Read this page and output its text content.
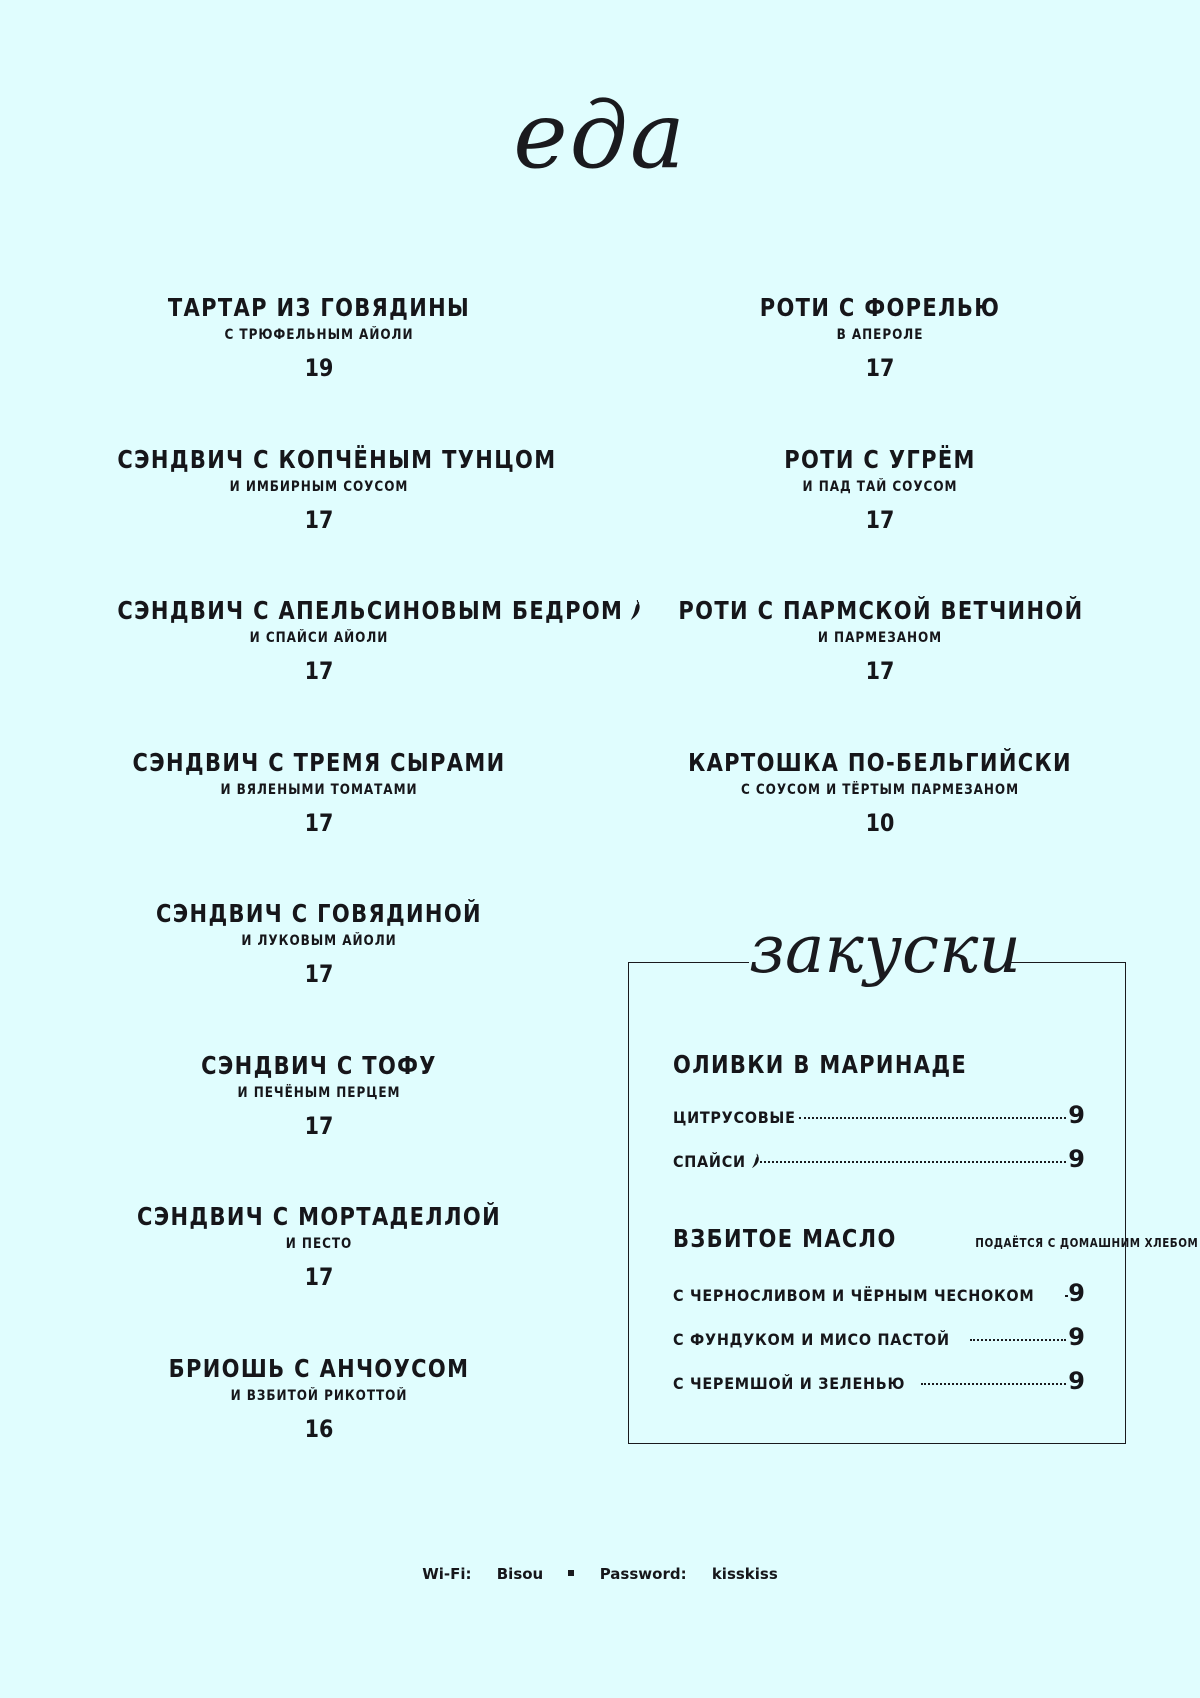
еда
ТАРТАР ИЗ ГОВЯДИНЫ
С ТРЮФЕЛЬНЫМ АЙОЛИ
19
СЭНДВИЧ С КОПЧЁНЫМ ТУНЦОМ
И ИМБИРНЫМ СОУСОМ
17
СЭНДВИЧ С АПЕЛЬСИНОВЫМ БЕДРОМ
И СПАЙСИ АЙОЛИ
17
СЭНДВИЧ С ТРЕМЯ СЫРАМИ
И ВЯЛЕНЫМИ ТОМАТАМИ
17
СЭНДВИЧ С ГОВЯДИНОЙ
И ЛУКОВЫМ АЙОЛИ
17
СЭНДВИЧ С ТОФУ
И ПЕЧЁНЫМ ПЕРЦЕМ
17
СЭНДВИЧ С МОРТАДЕЛЛОЙ
И ПЕСТО
17
БРИОШЬ С АНЧОУСОМ
И ВЗБИТОЙ РИКОТТОЙ
16
РОТИ С ФОРЕЛЬЮ
В АПЕРОЛЕ
17
РОТИ С УГРЁМ
И ПАД ТАЙ СОУСОМ
17
РОТИ С ПАРМСКОЙ ВЕТЧИНОЙ
И ПАРМЕЗАНОМ
17
КАРТОШКА ПО-БЕЛЬГИЙСКИ
С СОУСОМ И ТЁРТЫМ ПАРМЕЗАНОМ
10
закуски
ОЛИВКИ В МАРИНАДЕ
ЦИТРУСОВЫЕ	9
СПАЙСИ	9
ВЗБИТОЕ МАСЛО	ПОДАЁТСЯ С ДОМАШНИМ ХЛЕБОМ
С ЧЕРНОСЛИВОМ И ЧЁРНЫМ ЧЕСНОКОМ 9
С ФУНДУКОМ И МИСО ПАСТОЙ	9
С ЧЕРЕМШОЙ И ЗЕЛЕНЬЮ	9
Wi-Fi: Bisou	Password: kisskiss
